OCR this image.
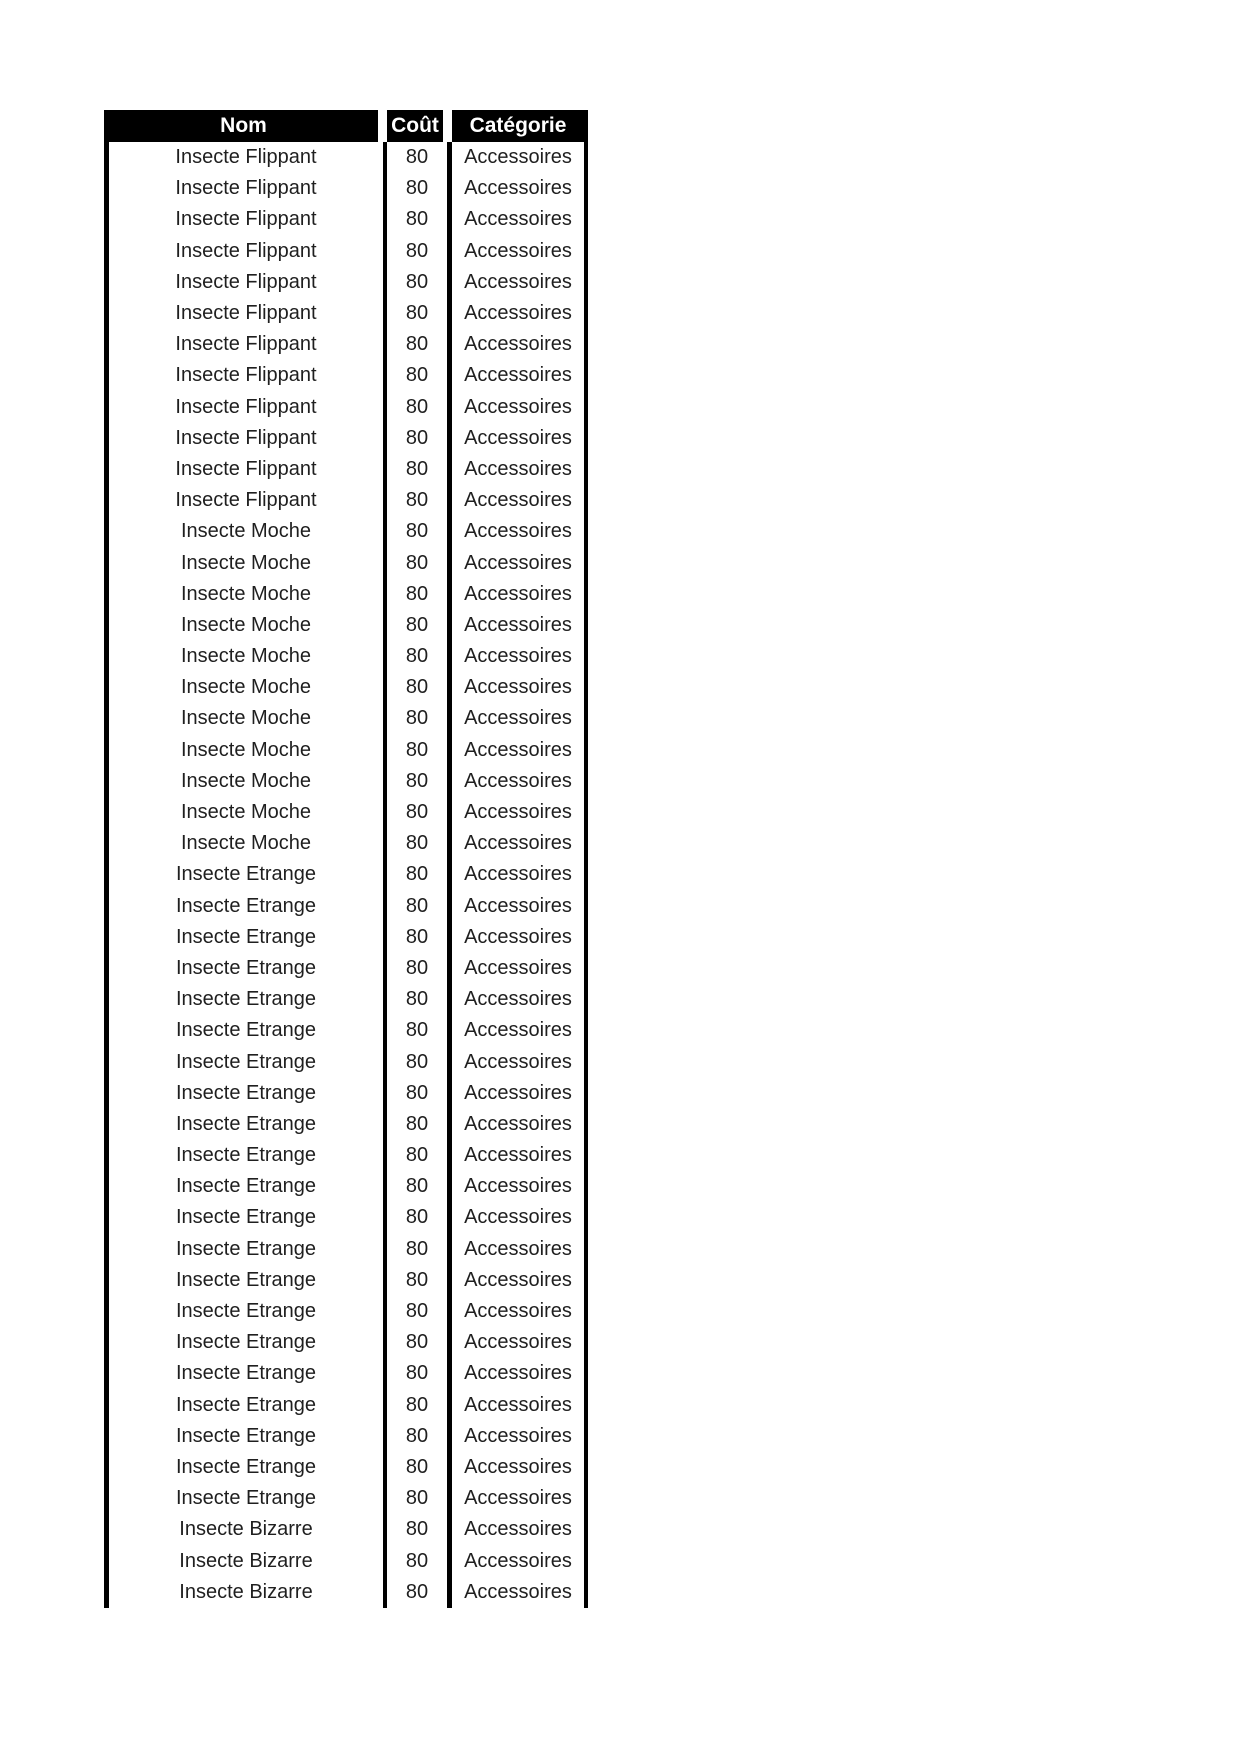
Nom	Coût	Catégorie
Insecte Flippant	80	Accessoires
Insecte Flippant	80	Accessoires
Insecte Flippant	80	Accessoires
Insecte Flippant	80	Accessoires
Insecte Flippant	80	Accessoires
Insecte Flippant	80	Accessoires
Insecte Flippant	80	Accessoires
Insecte Flippant	80	Accessoires
Insecte Flippant	80	Accessoires
Insecte Flippant	80	Accessoires
Insecte Flippant	80	Accessoires
Insecte Flippant	80	Accessoires
Insecte Moche	80	Accessoires
Insecte Moche	80	Accessoires
Insecte Moche	80	Accessoires
Insecte Moche	80	Accessoires
Insecte Moche	80	Accessoires
Insecte Moche	80	Accessoires
Insecte Moche	80	Accessoires
Insecte Moche	80	Accessoires
Insecte Moche	80	Accessoires
Insecte Moche	80	Accessoires
Insecte Moche	80	Accessoires
Insecte Etrange	80	Accessoires
Insecte Etrange	80	Accessoires
Insecte Etrange	80	Accessoires
Insecte Etrange	80	Accessoires
Insecte Etrange	80	Accessoires
Insecte Etrange	80	Accessoires
Insecte Etrange	80	Accessoires
Insecte Etrange	80	Accessoires
Insecte Etrange	80	Accessoires
Insecte Etrange	80	Accessoires
Insecte Etrange	80	Accessoires
Insecte Etrange	80	Accessoires
Insecte Etrange	80	Accessoires
Insecte Etrange	80	Accessoires
Insecte Etrange	80	Accessoires
Insecte Etrange	80	Accessoires
Insecte Etrange	80	Accessoires
Insecte Etrange	80	Accessoires
Insecte Etrange	80	Accessoires
Insecte Etrange	80	Accessoires
Insecte Etrange	80	Accessoires
Insecte Bizarre	80	Accessoires
Insecte Bizarre	80	Accessoires
Insecte Bizarre	80	Accessoires
